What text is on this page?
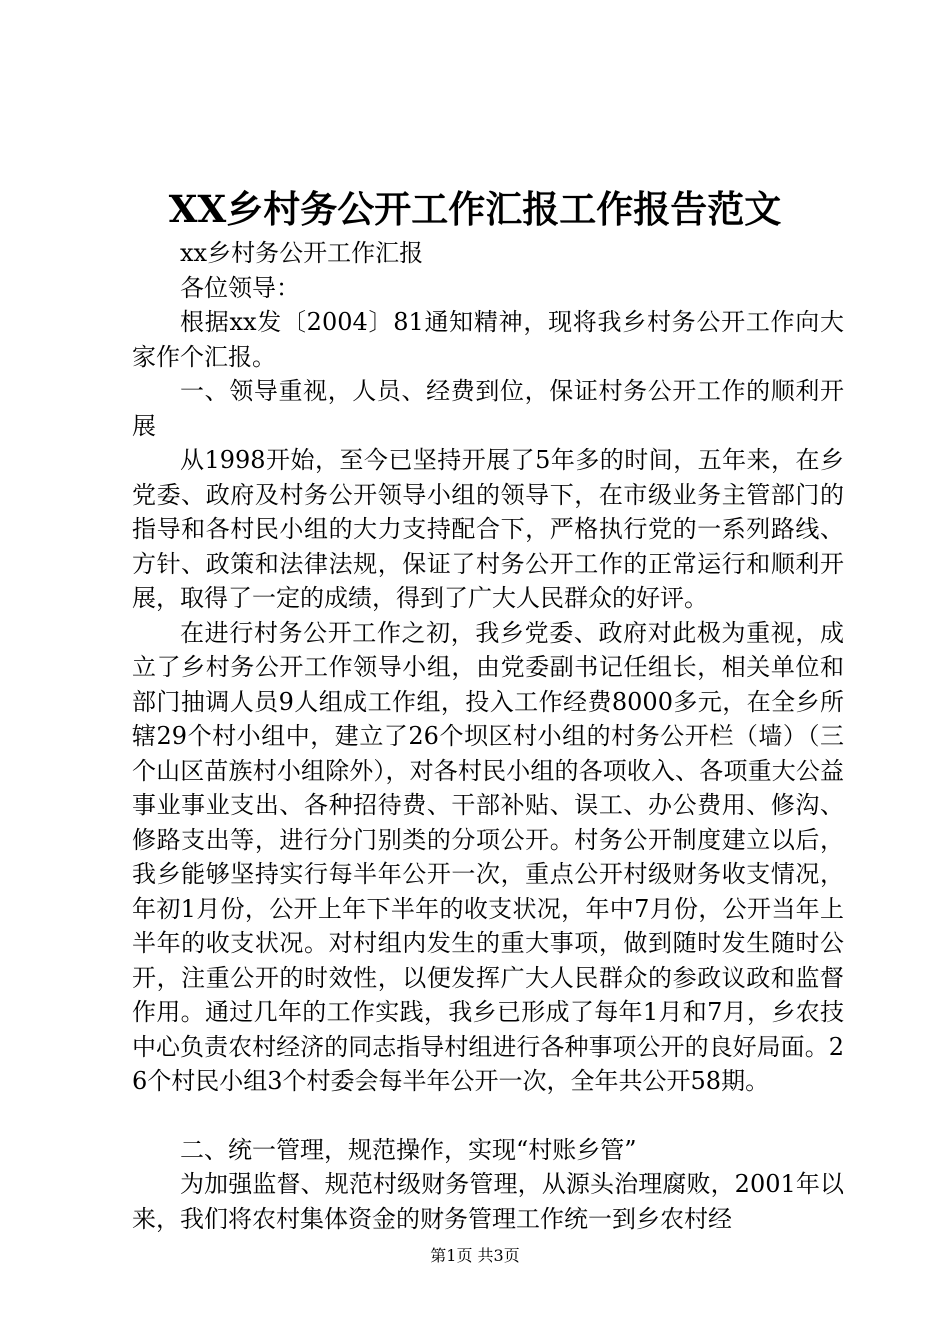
XX乡村务公开工作汇报工作报告范文

xx乡村务公开工作汇报

各位领导：

根据xx发〔2004〕81通知精神，现将我乡村务公开工作向大家作个汇报。

一、领导重视，人员、经费到位，保证村务公开工作的顺利开展

从1998开始，至今已坚持开展了5年多的时间，五年来，在乡党委、政府及村务公开领导小组的领导下，在市级业务主管部门的指导和各村民小组的大力支持配合下，严格执行党的一系列路线、方针、政策和法律法规，保证了村务公开工作的正常运行和顺利开展，取得了一定的成绩，得到了广大人民群众的好评。

在进行村务公开工作之初，我乡党委、政府对此极为重视，成立了乡村务公开工作领导小组，由党委副书记任组长，相关单位和部门抽调人员9人组成工作组，投入工作经费8000多元，在全乡所辖29个村小组中，建立了26个坝区村小组的村务公开栏（墙）（三个山区苗族村小组除外），对各村民小组的各项收入、各项重大公益事业事业支出、各种招待费、干部补贴、误工、办公费用、修沟、修路支出等，进行分门别类的分项公开。村务公开制度建立以后，我乡能够坚持实行每半年公开一次，重点公开村级财务收支情况，年初1月份，公开上年下半年的收支状况，年中7月份，公开当年上半年的收支状况。对村组内发生的重大事项，做到随时发生随时公开，注重公开的时效性，以便发挥广大人民群众的参政议政和监督作用。通过几年的工作实践，我乡已形成了每年1月和7月，乡农技中心负责农村经济的同志指导村组进行各种事项公开的良好局面。26个村民小组3个村委会每半年公开一次，全年共公开58期。

二、统一管理，规范操作，实现“村账乡管”

为加强监督、规范村级财务管理，从源头治理腐败，2001年以来，我们将农村集体资金的财务管理工作统一到乡农村经

第1页 共3页
